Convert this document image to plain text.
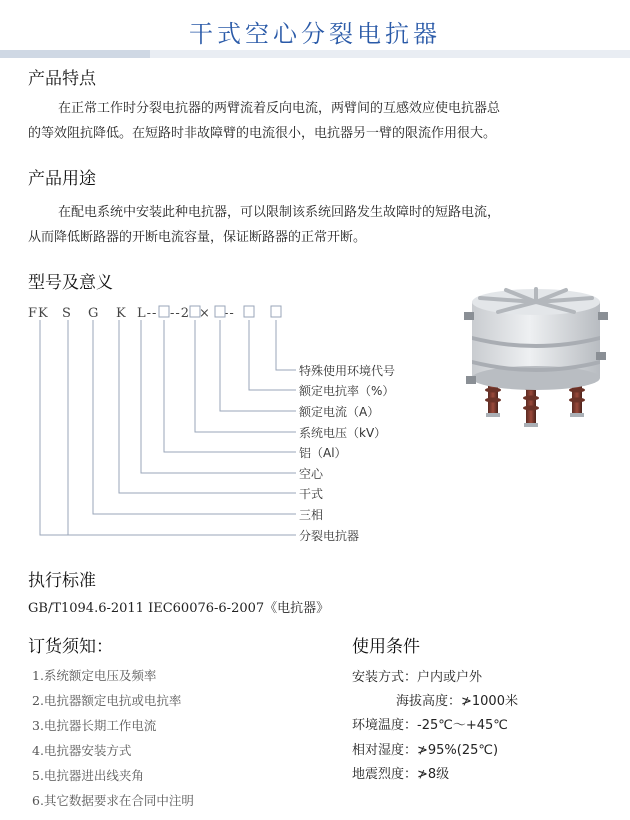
干式空心分裂电抗器
产品特点
在正常工作时分裂电抗器的两臂流着反向电流，两臂间的互感效应使电抗器总
的等效阻抗降低。在短路时非故障臂的电流很小，电抗器另一臂的限流作用很大。
产品用途
在配电系统中安装此种电抗器，可以限制该系统回路发生故障时的短路电流，
从而降低断路器的开断电流容量，保证断路器的正常开断。
型号及意义
FK S G K L-- --2 × --
特殊使用环境代号
额定电抗率（%）
额定电流（A）
系统电压（kV）
铝（Al）
空心
干式
三相
分裂电抗器
执行标准
GB/T1094.6-2011 IEC60076-6-2007《电抗器》
订货须知：
1.系统额定电压及频率
2.电抗器额定电抗或电抗率
3.电抗器长期工作电流
4.电抗器安装方式
5.电抗器进出线夹角
6.其它数据要求在合同中注明
使用条件
安装方式：户内或户外
海拔高度：≯1000米
环境温度：-25℃～+45℃
相对湿度：≯95%(25℃)
地震烈度：≯8级
